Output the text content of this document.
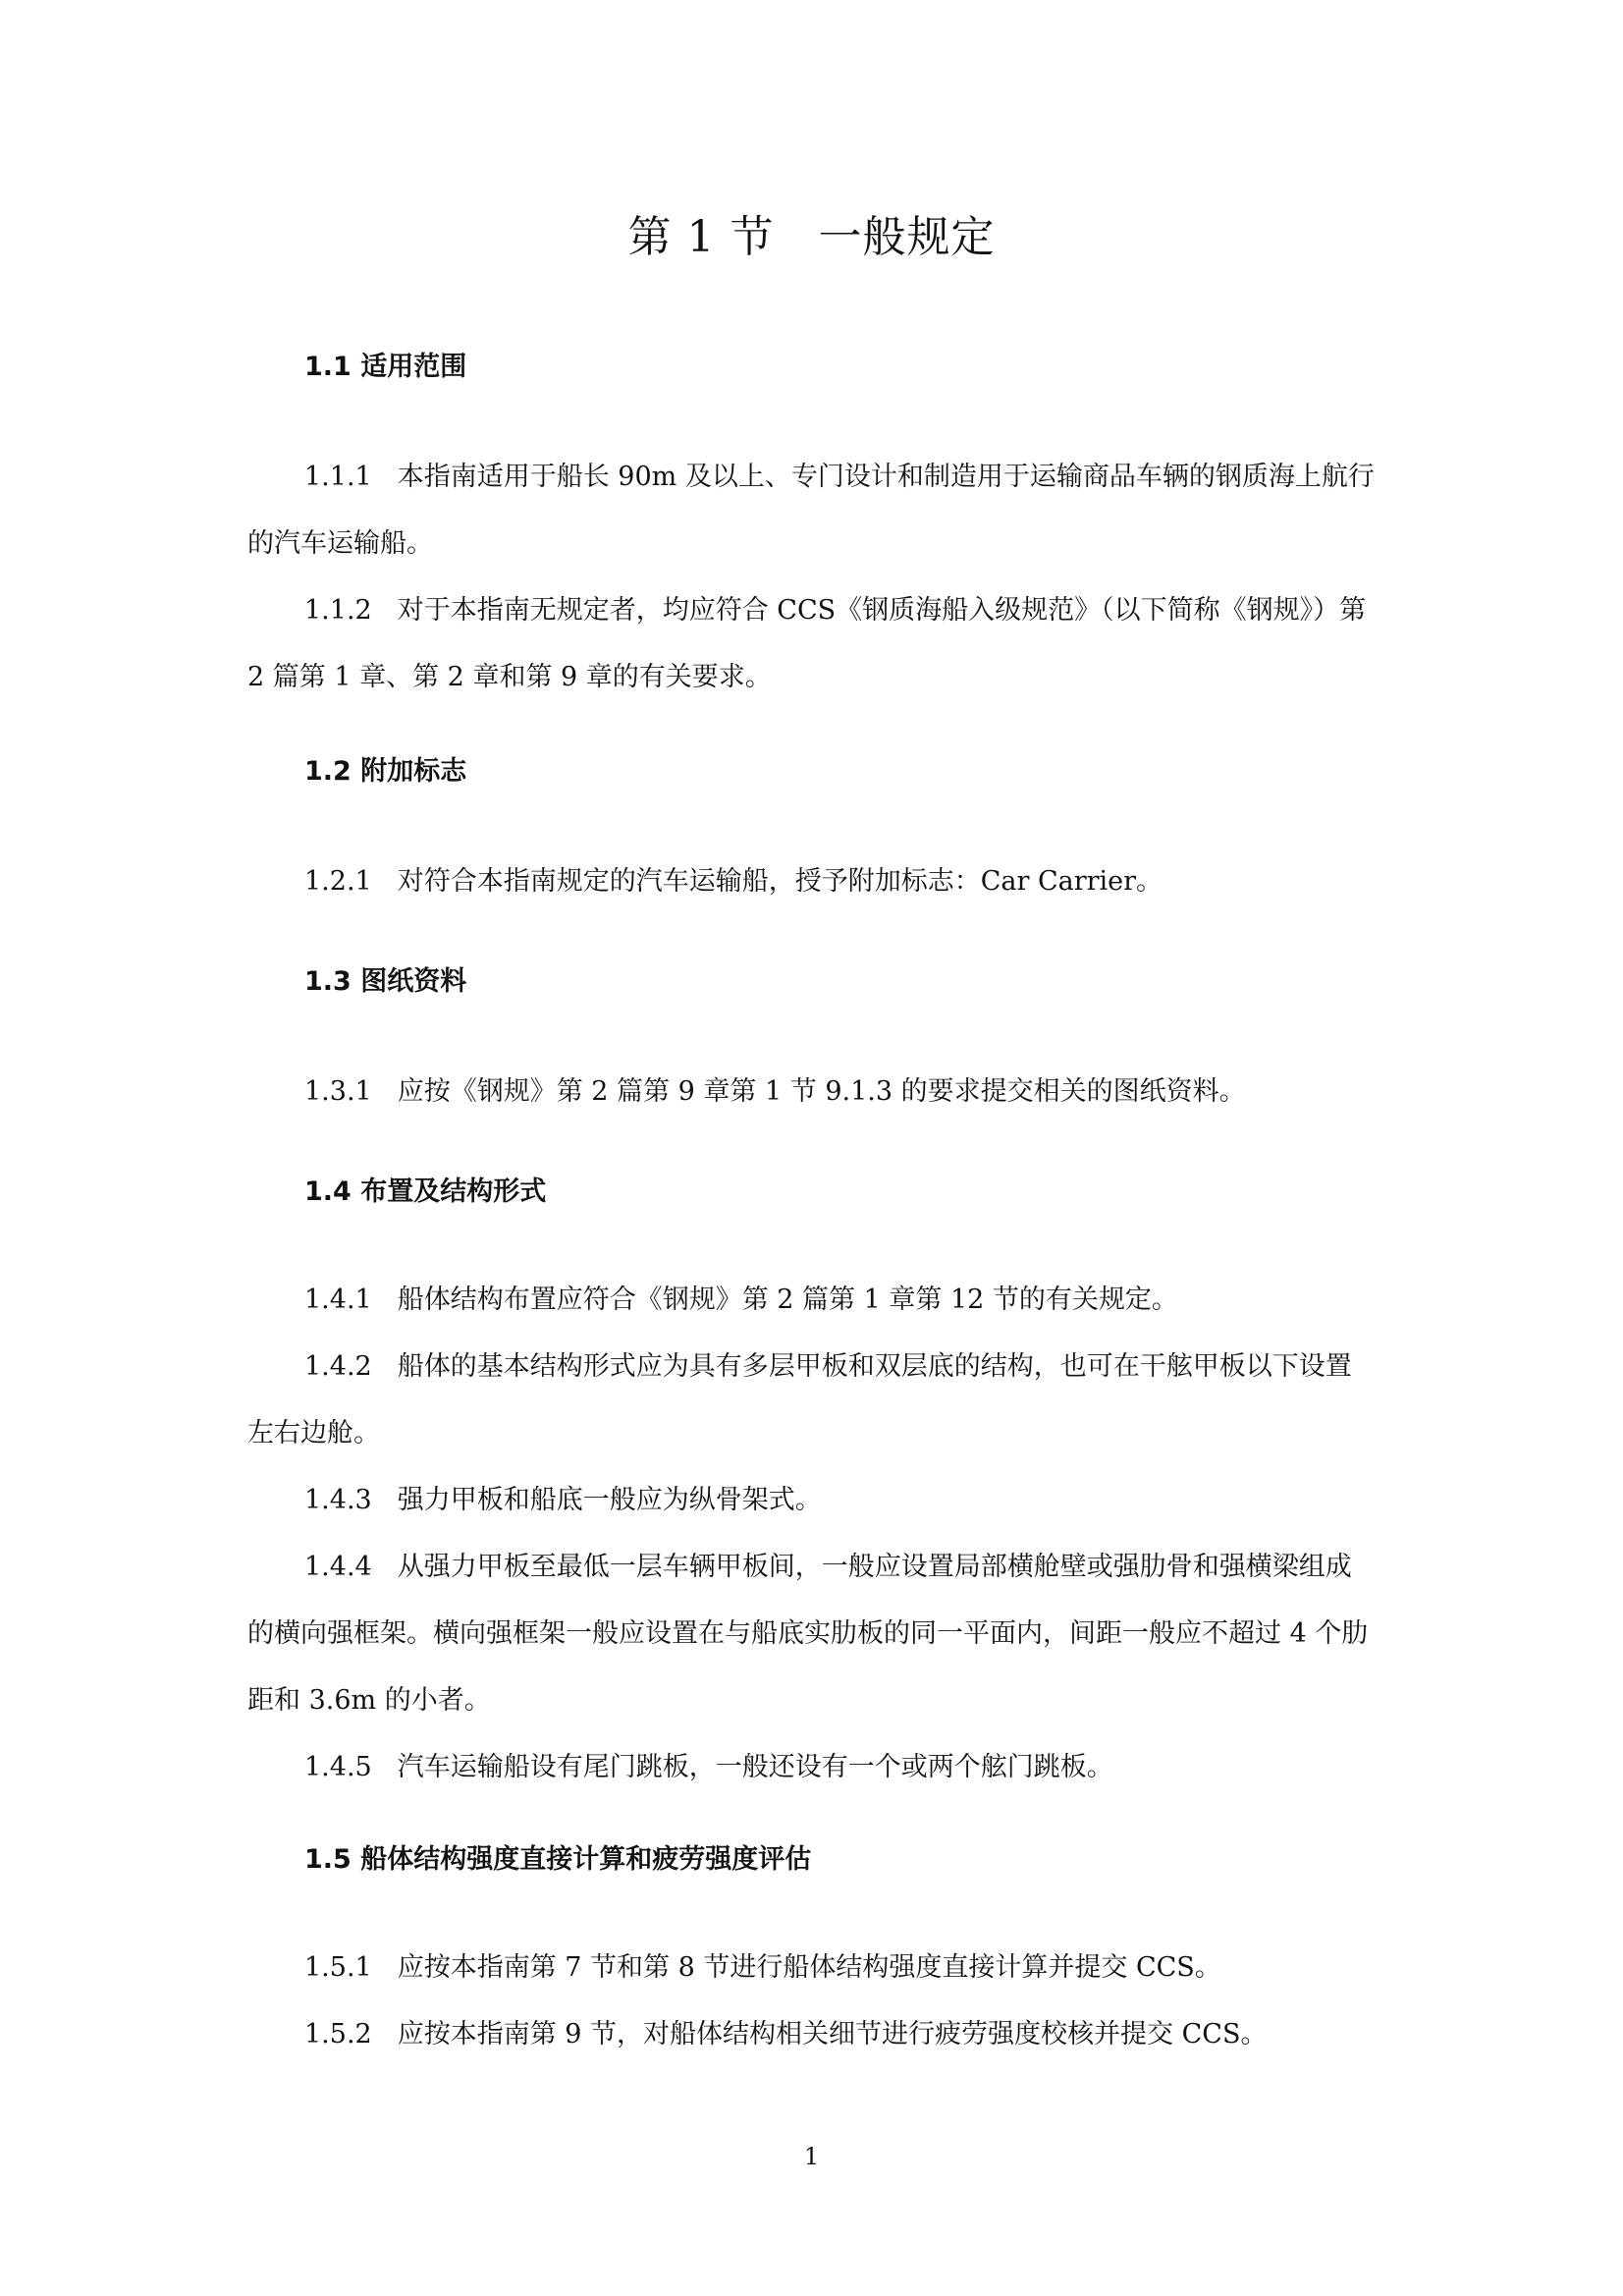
第 1 节　一般规定
1.1 适用范围
1.1.1 本指南适用于船长 90m 及以上、专门设计和制造用于运输商品车辆的钢质海上航行的汽车运输船。
1.1.2 对于本指南无规定者，均应符合 CCS《钢质海船入级规范》（以下简称《钢规》）第 2 篇第 1 章、第 2 章和第 9 章的有关要求。
1.2 附加标志
1.2.1 对符合本指南规定的汽车运输船，授予附加标志：Car Carrier。
1.3 图纸资料
1.3.1 应按《钢规》第 2 篇第 9 章第 1 节 9.1.3 的要求提交相关的图纸资料。
1.4 布置及结构形式
1.4.1 船体结构布置应符合《钢规》第 2 篇第 1 章第 12 节的有关规定。
1.4.2 船体的基本结构形式应为具有多层甲板和双层底的结构，也可在干舷甲板以下设置左右边舱。
1.4.3 强力甲板和船底一般应为纵骨架式。
1.4.4 从强力甲板至最低一层车辆甲板间，一般应设置局部横舱壁或强肋骨和强横梁组成的横向强框架。横向强框架一般应设置在与船底实肋板的同一平面内，间距一般应不超过 4 个肋距和 3.6m 的小者。
1.4.5 汽车运输船设有尾门跳板，一般还设有一个或两个舷门跳板。
1.5 船体结构强度直接计算和疲劳强度评估
1.5.1 应按本指南第 7 节和第 8 节进行船体结构强度直接计算并提交 CCS。
1.5.2 应按本指南第 9 节，对船体结构相关细节进行疲劳强度校核并提交 CCS。
1
